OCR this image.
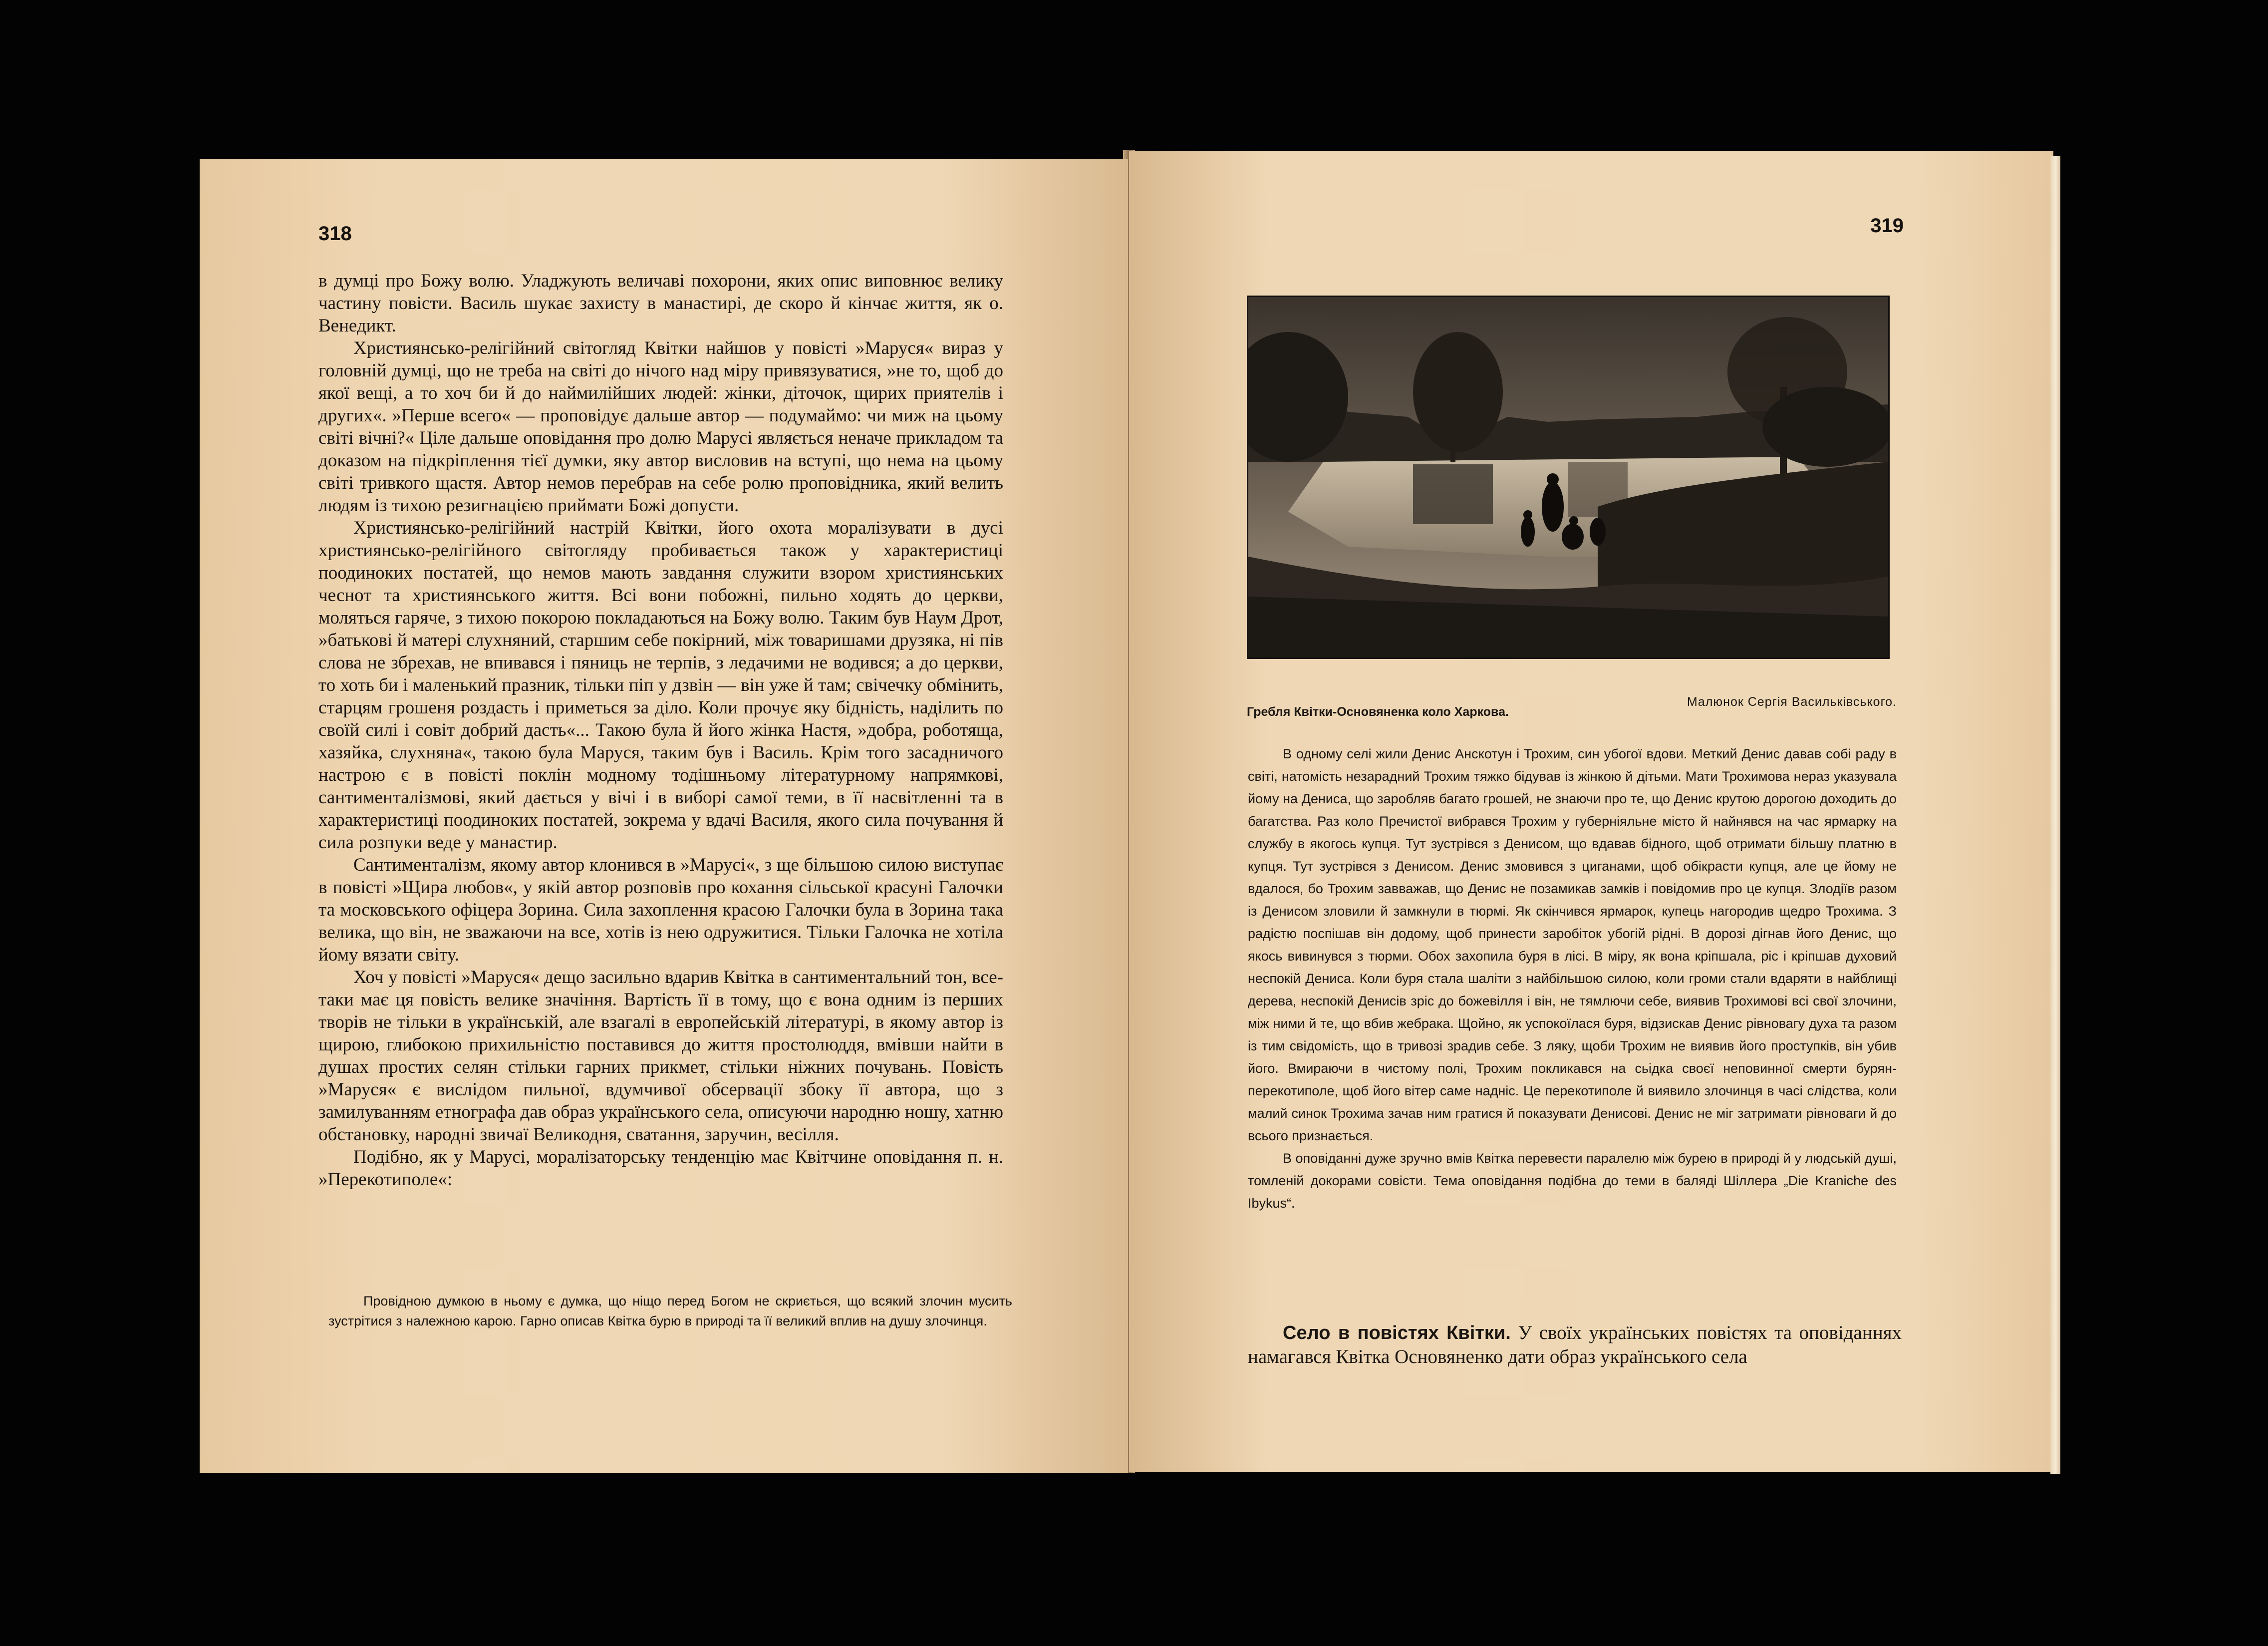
318

в думці про Божу волю. Уладжують величаві похорони, яких опис виповнює велику частину повісти. Василь шукає захисту в манастирі, де скоро й кінчає життя, як о. Венедикт.

Християнсько-релігійний світогляд Квітки найшов у повісті »Маруся« вираз у головній думці, що не треба на світі до нічого над міру привязуватися, »не то, щоб до якої вещі, а то хоч би й до наймилійших людей: жінки, діточок, щирих приятелів і других«. »Перше всего« — проповідує дальше автор — подумаймо: чи миж на цьому світі вічні?« Ціле дальше оповідання про долю Марусі являється неначе прикладом та доказом на підкріплення тієї думки, яку автор висловив на вступі, що нема на цьому світі тривкого щастя. Автор немов перебрав на себе ролю проповідника, який велить людям із тихою резигнацією приймати Божі допусти.

Християнсько-релігійний настрій Квітки, його охота моралізувати в дусі християнсько-релігійного світогляду пробивається також у характеристиці поодиноких постатей, що немов мають завдання служити взором християнських чеснот та християнського життя. Всі вони побожні, пильно ходять до церкви, моляться гаряче, з тихою покорою покладаються на Божу волю. Таким був Наум Дрот, »батькові й матері слухняний, старшим себе покірний, між товаришами друзяка, ні пів слова не збрехав, не впивався і пяниць не терпів, з ледачими не водився; а до церкви, то хоть би і маленький празник, тільки піп у дзвін — він уже й там; свічечку обмінить, старцям грошеня роздасть і приметься за діло. Коли прочує яку бідність, наділить по своїй силі і совіт добрий дасть«... Такою була й його жінка Настя, »добра, роботяща, хазяйка, слухняна«, такою була Маруся, таким був і Василь. Крім того засадничого настрою є в повісті поклін модному тодішньому літературному напрямкові, сантименталізмові, який дається у вічі і в виборі самої теми, в її насвітленні та в характеристиці поодиноких постатей, зокрема у вдачі Василя, якого сила почування й сила розпуки веде у манастир.

Сантименталізм, якому автор клонився в »Марусі«, з ще більшою силою виступає в повісті »Щира любов«, у якій автор розповів про кохання сільської красуні Галочки та московського офіцера Зорина. Сила захоплення красою Галочки була в Зорина така велика, що він, не зважаючи на все, хотів із нею одружитися. Тільки Галочка не хотіла йому вязати світу.

Хоч у повісті »Маруся« дещо засильно вдарив Квітка в сантиментальний тон, все-таки має ця повість велике значіння. Вартість її в тому, що є вона одним із перших творів не тільки в українській, але взагалі в европейській літературі, в якому автор із щирою, глибокою прихильністю поставився до життя простолюддя, вмівши найти в душах простих селян стільки гарних прикмет, стільки ніжних почувань. Повість »Маруся« є вислідом пильної, вдумчивої обсервації збоку її автора, що з замилуванням етнографа дав образ українського села, описуючи народню ношу, хатню обстановку, народні звичаї Великодня, сватання, заручин, весілля.

Подібно, як у Марусі, моралізаторську тенденцію має Квітчине оповідання п. н. »Перекотиполе«:

Провідною думкою в ньому є думка, що ніщо перед Богом не скриється, що всякий злочин мусить зустрітися з належною карою. Гарно описав Квітка бурю в природі та її великий вплив на душу злочинця.
319
Гребля Квітки-Основяненка коло Харкова.
Малюнок Сергія Васильківського.

В одному селі жили Денис Анскотун і Трохим, син убогої вдови. Меткий Денис давав собі раду в світі, натомість незарадний Трохим тяжко бідував із жінкою й дітьми. Мати Трохимова нераз указувала йому на Дениса, що заробляв багато грошей, не знаючи про те, що Денис крутою дорогою доходить до багатства. Раз коло Пречистої вибрався Трохим у губерніяльне місто й найнявся на час ярмарку на службу в якогось купця. Тут зустрівся з Денисом, що вдавав бідного, щоб отримати більшу платню в купця. Тут зустрівся з Денисом. Денис змовився з циганами, щоб обікрасти купця, але це йому не вдалося, бо Трохим завважав, що Денис не позамикав замків і повідомив про це купця. Злодіїв разом із Денисом зловили й замкнули в тюрмі. Як скінчився ярмарок, купець нагородив щедро Трохима. З радістю поспішав він додому, щоб принести заробіток убогій рідні. В дорозі дігнав його Денис, що якось вивинувся з тюрми. Обох захопила буря в лісі. В міру, як вона кріпшала, ріс і кріпшав духовий неспокій Дениса. Коли буря стала шаліти з найбільшою силою, коли громи стали вдаряти в найблищі дерева, неспокій Денисів зріс до божевілля і він, не тямлючи себе, виявив Трохимові всі свої злочини, між ними й те, що вбив жебрака. Щойно, як успокоїлася буря, відзискав Денис рівновагу духа та разом із тим свідомість, що в тривозі зрадив себе. З ляку, щоби Трохим не виявив його проступків, він убив його. Вмираючи в чистому полі, Трохим покликався на сьідка своєї неповинної смерти бурян-перекотиполе, щоб його вітер саме надніс. Це перекотиполе й виявило злочинця в часі слідства, коли малий синок Трохима зачав ним гратися й показувати Денисові. Денис не міг затримати рівноваги й до всього признається.

В оповіданні дуже зручно вмів Квітка перевести паралелю між бурею в природі й у людській душі, томленій докорами совісти. Тема оповідання подібна до теми в баляді Шіллера „Die Kraniche des Ibykus“.

Село в повістях Квітки. У своїх українських повістях та оповіданнях намагався Квітка Основяненко дати образ українського села
